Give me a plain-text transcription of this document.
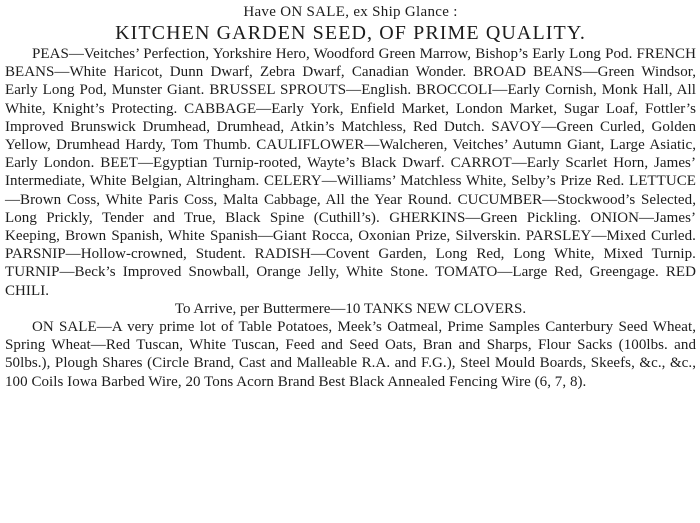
Have ON SALE, ex Ship Glance :

KITCHEN GARDEN SEED, OF PRIME QUALITY.

PEAS—Veitches’ Perfection, Yorkshire Hero, Woodford Green Marrow, Bishop’s Early Long Pod. FRENCH BEANS—White Haricot, Dunn Dwarf, Zebra Dwarf, Canadian Wonder. BROAD BEANS—Green Windsor, Early Long Pod, Munster Giant. BRUSSEL SPROUTS—English. BROCCOLI—Early Cornish, Monk Hall, All White, Knight’s Protecting. CABBAGE—Early York, Enfield Market, London Market, Sugar Loaf, Fottler’s Improved Brunswick Drumhead, Drumhead, Atkin’s Matchless, Red Dutch. SAVOY—Green Curled, Golden Yellow, Drumhead Hardy, Tom Thumb. CAULIFLOWER—Walcheren, Veitches’ Autumn Giant, Large Asiatic, Early London. BEET—Egyptian Turnip-rooted, Wayte’s Black Dwarf. CARROT—Early Scarlet Horn, James’ Intermediate, White Belgian, Altringham. CELERY—Williams’ Matchless White, Selby’s Prize Red. LETTUCE—Brown Coss, White Paris Coss, Malta Cabbage, All the Year Round. CUCUMBER—Stockwood’s Selected, Long Prickly, Tender and True, Black Spine (Cuthill’s). GHERKINS—Green Pickling. ONION—James’ Keeping, Brown Spanish, White Spanish—Giant Rocca, Oxonian Prize, Silverskin. PARSLEY—Mixed Curled. PARSNIP—Hollow-crowned, Student. RADISH—Covent Garden, Long Red, Long White, Mixed Turnip. TURNIP—Beck’s Improved Snowball, Orange Jelly, White Stone. TOMATO—Large Red, Greengage. RED CHILI.

To Arrive, per Buttermere—10 TANKS NEW CLOVERS.

ON SALE—A very prime lot of Table Potatoes, Meek’s Oatmeal, Prime Samples Canterbury Seed Wheat, Spring Wheat—Red Tuscan, White Tuscan, Feed and Seed Oats, Bran and Sharps, Flour Sacks (100lbs. and 50lbs.), Plough Shares (Circle Brand, Cast and Malleable R.A. and F.G.), Steel Mould Boards, Skeefs, &c., &c., 100 Coils Iowa Barbed Wire, 20 Tons Acorn Brand Best Black Annealed Fencing Wire (6, 7, 8).
